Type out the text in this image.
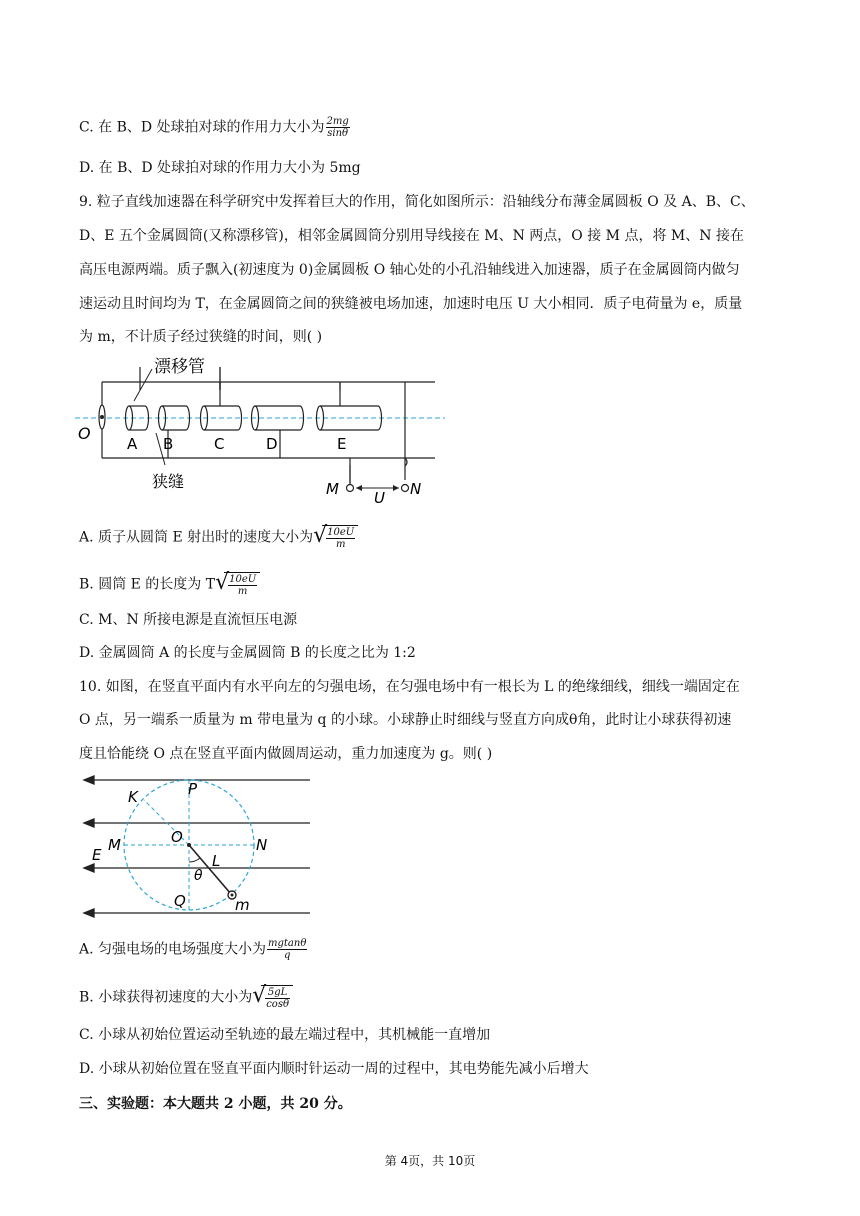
C. 在 B、D 处球拍对球的作用力大小为 $\frac{2mg}{\sin\theta}$
D. 在 B、D 处球拍对球的作用力大小为 5mg
9. 粒子直线加速器在科学研究中发挥着巨大的作用，简化如图所示：沿轴线分布薄金属圆板 O 及 A、B、C、
D、E 五个金属圆筒(又称漂移管)，相邻金属圆筒分别用导线接在 M、N 两点，O 接 M 点，将 M、N 接在
高压电源两端。质子飘入(初速度为 0)金属圆板 O 轴心处的小孔沿轴线进入加速器，质子在金属圆筒内做匀
速运动且时间均为 T，在金属圆筒之间的狭缝被电场加速，加速时电压 U 大小相同．质子电荷量为 e，质量
为 m，不计质子经过狭缝的时间，则( )
漂移管
狭缝
O
A B	C	D	E
M	N
U
A. 质子从圆筒 E 射出时的速度大小为 √
$\frac{10eU}{m}$
B. 圆筒 E 的长度为 T √
$\frac{10eU}{m}$
C. M、N 所接电源是直流恒压电源
D. 金属圆筒 A 的长度与金属圆筒 B 的长度之比为 1:2
10. 如图，在竖直平面内有水平向左的匀强电场，在匀强电场中有一根长为 L 的绝缘细线，细线一端固定在
O 点，另一端系一质量为 m 带电量为 q 的小球。小球静止时细线与竖直方向成θ角，此时让小球获得初速
度且恰能绕 O 点在竖直平面内做圆周运动，重力加速度为 g。则( )
K	P
M	N
O
E	L
θ
Q	m
A. 匀强电场的电场强度大小为 $\frac{mgtan\theta}{q}$
B. 小球获得初速度的大小为 √
$\frac{5gL}{\cos\theta}$
C. 小球从初始位置运动至轨迹的最左端过程中，其机械能一直增加
D. 小球从初始位置在竖直平面内顺时针运动一周的过程中，其电势能先减小后增大
三、实验题：本大题共 2 小题，共 20 分。
第 4页，共 10页
